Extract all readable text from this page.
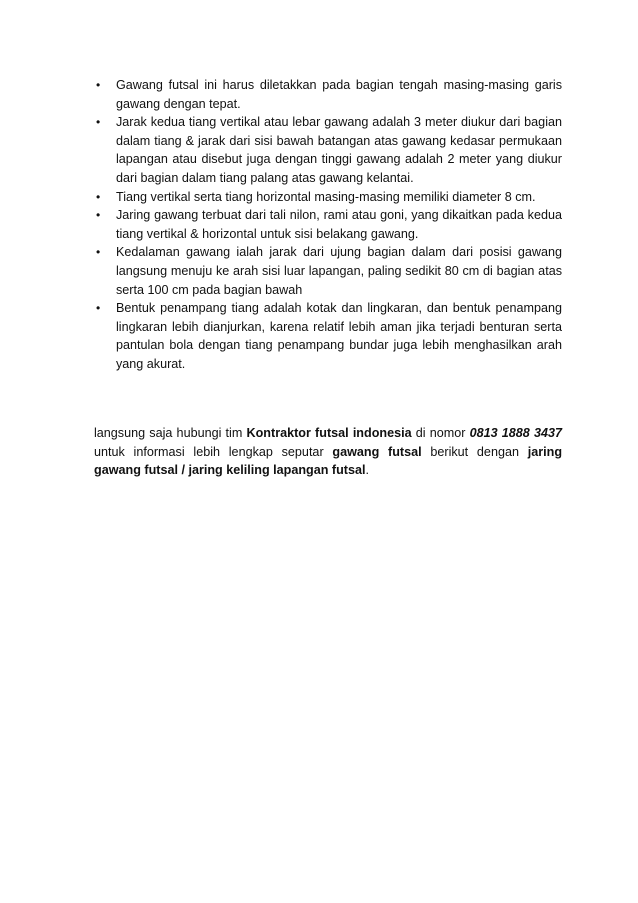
• Gawang futsal ini harus diletakkan pada bagian tengah masing-masing garis gawang dengan tepat.
• Jarak kedua tiang vertikal atau lebar gawang adalah 3 meter diukur dari bagian dalam tiang & jarak dari sisi bawah batangan atas gawang kedasar permukaan lapangan atau disebut juga dengan tinggi gawang adalah 2 meter yang diukur dari bagian dalam tiang palang atas gawang kelantai.
• Tiang vertikal serta tiang horizontal masing-masing memiliki diameter 8 cm.
• Jaring gawang terbuat dari tali nilon, rami atau goni, yang dikaitkan pada kedua tiang vertikal & horizontal untuk sisi belakang gawang.
• Kedalaman gawang ialah jarak dari ujung bagian dalam dari posisi gawang langsung menuju ke arah sisi luar lapangan, paling sedikit 80 cm di bagian atas serta 100 cm pada bagian bawah
• Bentuk penampang tiang adalah kotak dan lingkaran, dan bentuk penampang lingkaran lebih dianjurkan, karena relatif lebih aman jika terjadi benturan serta pantulan bola dengan tiang penampang bundar juga lebih menghasilkan arah yang akurat.

langsung saja hubungi tim Kontraktor futsal indonesia di nomor 0813 1888 3437 untuk informasi lebih lengkap seputar gawang futsal berikut dengan jaring gawang futsal / jaring keliling lapangan futsal.
